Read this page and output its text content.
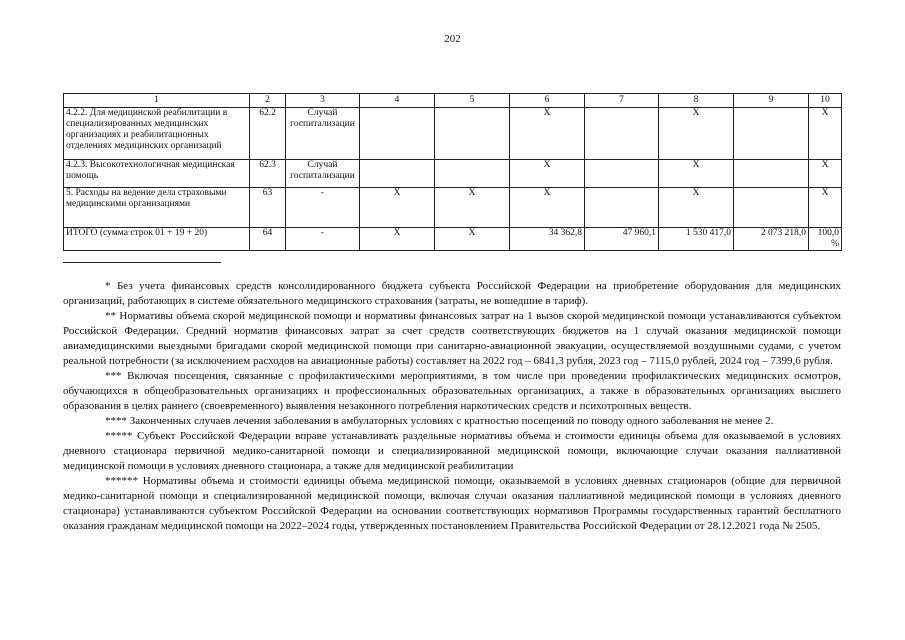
202
1	2	3	4	5	6	7	8	9	10
4.2.2. Для медицинской реабилитации в специализированных медицинских организациях и реабилитационных отделениях медицинских организаций	62.2	Случай госпитализации			Х		Х		Х
4.2.3. Высокотехнологичная медицинская помощь	62.3	Случай госпитализации			Х		Х		Х
5. Расходы на ведение дела страховыми медицинскими организациями	63	-	Х	Х	Х		Х		Х
ИТОГО (сумма строк 01 + 19 + 20)	64	-	Х	Х	34 362,8	47 960,1	1 530 417,0	2 073 218,0	100,0 %

* Без учета финансовых средств консолидированного бюджета субъекта Российской Федерации на приобретение оборудования для медицинских организаций, работающих в системе обязательного медицинского страхования (затраты, не вошедшие в тариф).

** Нормативы объема скорой медицинской помощи и нормативы финансовых затрат на 1 вызов скорой медицинской помощи устанавливаются субъектом Российской Федерации. Средний норматив финансовых затрат за счет средств соответствующих бюджетов на 1 случай оказания медицинской помощи авиамедицинскими выездными бригадами скорой медицинской помощи при санитарно-авиационной эвакуации, осуществляемой воздушными судами, с учетом реальной потребности (за исключением расходов на авиационные работы) составляет на 2022 год – 6841,3 рубля, 2023 год – 7115,0 рублей, 2024 год – 7399,6 рубля.

*** Включая посещения, связанные с профилактическими мероприятиями, в том числе при проведении профилактических медицинских осмотров, обучающихся в общеобразовательных организациях и профессиональных образовательных организациях, а также в образовательных организациях высшего образования в целях раннего (своевременного) выявления незаконного потребления наркотических средств и психотропных веществ.

**** Законченных случаев лечения заболевания в амбулаторных условиях с кратностью посещений по поводу одного заболевания не менее 2.

***** Субъект Российской Федерации вправе устанавливать раздельные нормативы объема и стоимости единицы объема для оказываемой в условиях дневного стационара первичной медико-санитарной помощи и специализированной медицинской помощи, включающие случаи оказания паллиативной медицинской помощи в условиях дневного стационара, а также для медицинской реабилитации

****** Нормативы объема и стоимости единицы объема медицинской помощи, оказываемой в условиях дневных стационаров (общие для первичной медико-санитарной помощи и специализированной медицинской помощи, включая случаи оказания паллиативной медицинской помощи в условиях дневного стационара) устанавливаются субъектом Российской Федерации на основании соответствующих нормативов Программы государственных гарантий бесплатного оказания гражданам медицинской помощи на 2022–2024 годы, утвержденных постановлением Правительства Российской Федерации от 28.12.2021 года № 2505.
